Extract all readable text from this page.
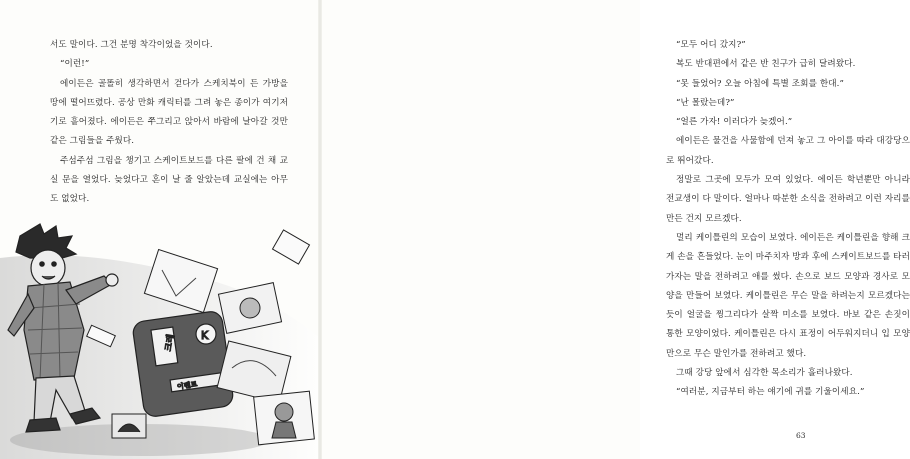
서도 말이다. 그건 분명 착각이었을 것이다.

“이런!”

에이든은 골똘히 생각하면서 걷다가 스케치북이 든 가방을 땅에 떨어뜨렸다. 공상 만화 캐릭터를 그려 놓은 종이가 여기저기로 흩어졌다. 에이든은 쭈그리고 앉아서 바람에 날아갈 것만 같은 그림들을 주웠다.

주섬주섬 그림을 챙기고 스케이트보드를 다른 팔에 건 채 교실 문을 열었다. 늦었다고 혼이 날 줄 알았는데 교실에는 아무도 없었다.

크레 K
이벤트

“모두 어디 갔지?”

복도 반대편에서 같은 반 친구가 급히 달려왔다.

“못 들었어? 오늘 아침에 특별 조회를 한대.”

“난 몰랐는데?”

“얼른 가자! 이러다가 늦겠어.”

에이든은 물건을 사물함에 던져 놓고 그 아이를 따라 대강당으로 뛰어갔다.

정말로 그곳에 모두가 모여 있었다. 에이든 학년뿐만 아니라 전교생이 다 말이다. 얼마나 따분한 소식을 전하려고 이런 자리를 만든 건지 모르겠다.

멀리 케이틀린의 모습이 보였다. 에이든은 케이틀린을 향해 크게 손을 흔들었다. 눈이 마주치자 방과 후에 스케이트보드를 타러 가자는 말을 전하려고 애를 썼다. 손으로 보드 모양과 경사로 모양을 만들어 보였다. 케이틀린은 무슨 말을 하려는지 모르겠다는 듯이 얼굴을 찡그리다가 살짝 미소를 보였다. 바보 같은 손짓이 통한 모양이었다. 케이틀린은 다시 표정이 어두워지더니 입 모양만으로 무슨 말인가를 전하려고 했다.

그때 강당 앞에서 심각한 목소리가 흘러나왔다.

“여러분, 지금부터 하는 얘기에 귀를 기울이세요.”

63
